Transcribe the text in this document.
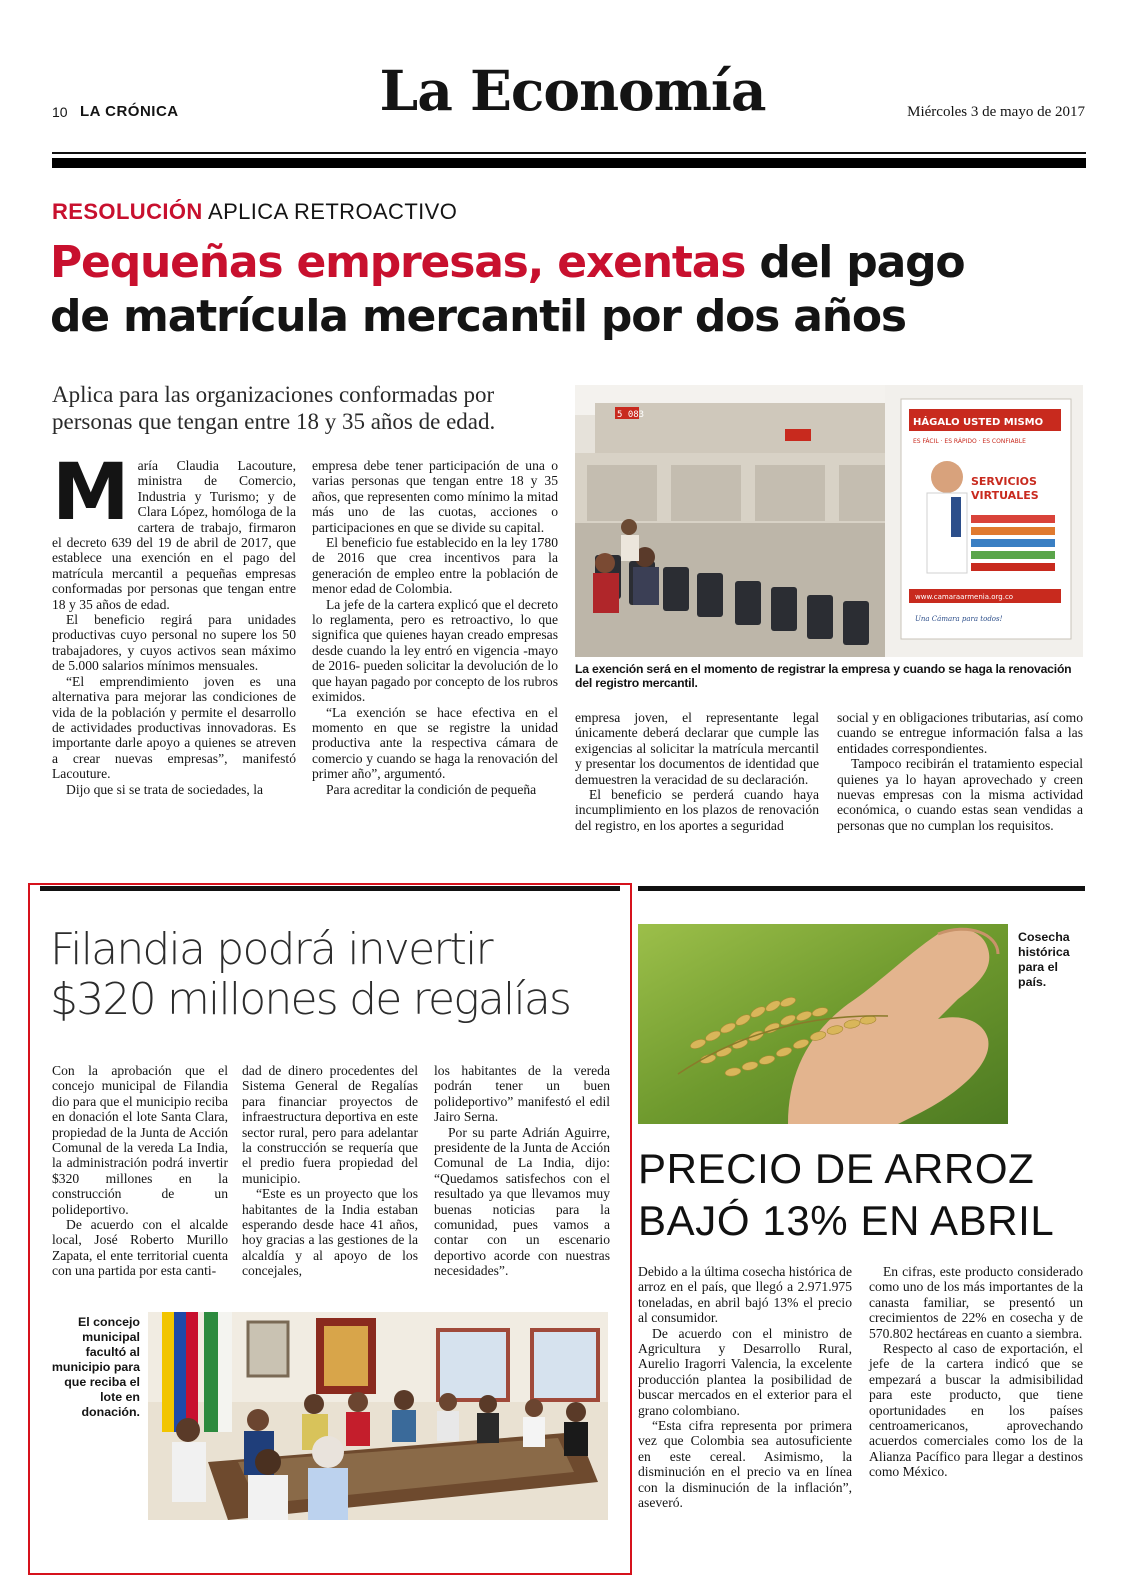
10 LA CRÓNICA	La Economía	Miércoles 3 de mayo de 2017
RESOLUCIÓN APLICA RETROACTIVO
Pequeñas empresas, exentas del pago
de matrícula mercantil por dos años
Aplica para las organizaciones conformadas por personas que tengan entre 18 y 35 años de edad.

María Claudia Lacouture, ministra de Comercio, Industria y Turismo; y de Clara López, homóloga de la cartera de trabajo, firmaron el decreto 639 del 19 de abril de 2017, que establece una exención en el pago del matrícula mercantil a pequeñas empresas conformadas por personas que tengan entre 18 y 35 años de edad.

El beneficio regirá para unidades productivas cuyo personal no supere los 50 trabajadores, y cuyos activos sean máximo de 5.000 salarios mínimos mensuales.

“El emprendimiento joven es una alternativa para mejorar las condiciones de vida de la población y permite el desarrollo de actividades productivas innovadoras. Es importante darle apoyo a quienes se atreven a crear nuevas empresas”, manifestó Lacouture.

Dijo que si se trata de sociedades, la

empresa debe tener participación de una o varias personas que tengan entre 18 y 35 años, que representen como mínimo la mitad más uno de las cuotas, acciones o participaciones en que se divide su capital.

El beneficio fue establecido en la ley 1780 de 2016 que crea incentivos para la generación de empleo entre la población de menor edad de Colombia.

La jefe de la cartera explicó que el decreto lo reglamenta, pero es retroactivo, lo que significa que quienes hayan creado empresas desde cuando la ley entró en vigencia -mayo de 2016- pueden solicitar la devolución de lo que hayan pagado por concepto de los rubros eximidos.

“La exención se hace efectiva en el momento en que se registre la unidad productiva ante la respectiva cámara de comercio y cuando se haga la renovación del primer año”, argumentó.

Para acreditar la condición de pequeña

5 083
HÁGALO USTED MISMO
ES FÁCIL · ES RÁPIDO · ES CONFIABLE
SERVICIOS
VIRTUALES
www.camaraarmenia.org.co
Una Cámara para todos!
La exención será en el momento de registrar la empresa y cuando se haga la renovación del registro mercantil.

empresa joven, el representante legal únicamente deberá declarar que cumple las exigencias al solicitar la matrícula mercantil y presentar los documentos de identidad que demuestren la veracidad de su declaración.

El beneficio se perderá cuando haya incumplimiento en los plazos de renovación del registro, en los aportes a seguridad

social y en obligaciones tributarias, así como cuando se entregue información falsa a las entidades correspondientes.

Tampoco recibirán el tratamiento especial quienes ya lo hayan aprovechado y creen nuevas empresas con la misma actividad económica, o cuando estas sean vendidas a personas que no cumplan los requisitos.

Filandia podrá invertir
$320 millones de regalías

Con la aprobación que el concejo municipal de Filandia dio para que el municipio reciba en donación el lote Santa Clara, propiedad de la Junta de Acción Comunal de la vereda La India, la administración podrá invertir $320 millones en la construcción de un polideportivo.

De acuerdo con el alcalde local, José Roberto Murillo Zapata, el ente territorial cuenta con una partida por esta canti-

dad de dinero procedentes del Sistema General de Regalías para financiar proyectos de infraestructura deportiva en este sector rural, pero para adelantar la construcción se requería que el predio fuera propiedad del municipio.

“Este es un proyecto que los habitantes de la India estaban esperando desde hace 41 años, hoy gracias a las gestiones de la alcaldía y al apoyo de los concejales,

los habitantes de la vereda podrán tener un buen polideportivo” manifestó el edil Jairo Serna.

Por su parte Adrián Aguirre, presidente de la Junta de Acción Comunal de La India, dijo: “Quedamos satisfechos con el resultado ya que llevamos muy buenas noticias para la comunidad, pues vamos a contar con un escenario deportivo acorde con nuestras necesidades”.

El concejo municipal facultó al municipio para que reciba el lote en donación.
Cosecha histórica para el país.
PRECIO DE ARROZ
BAJÓ 13% EN ABRIL

Debido a la última cosecha histórica de arroz en el país, que llegó a 2.971.975 toneladas, en abril bajó 13% el precio al consumidor.

De acuerdo con el ministro de Agricultura y Desarrollo Rural, Aurelio Iragorri Valencia, la excelente producción plantea la posibilidad de buscar mercados en el exterior para el grano colombiano.

“Esta cifra representa por primera vez que Colombia sea autosuficiente en este cereal. Asimismo, la disminución en el precio va en línea con la disminución de la inflación”, aseveró.

En cifras, este producto considerado como uno de los más importantes de la canasta familiar, se presentó un crecimientos de 22% en cosecha y de 570.802 hectáreas en cuanto a siembra.

Respecto al caso de exportación, el jefe de la cartera indicó que se empezará a buscar la admisibilidad para este producto, que tiene oportunidades en los países centroamericanos, aprovechando acuerdos comerciales como los de la Alianza Pacífico para llegar a destinos como México.
